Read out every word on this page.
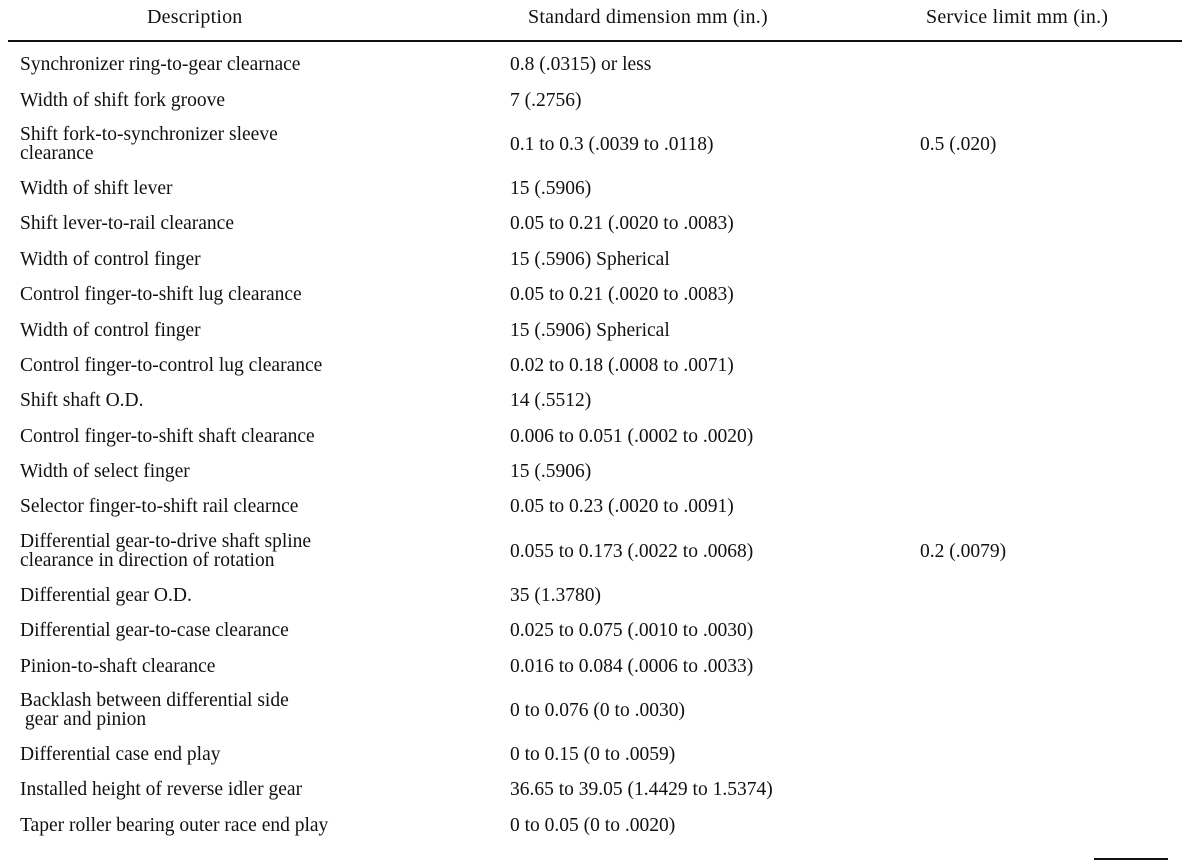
Description	Standard dimension mm (in.)	Service limit mm (in.)
Synchronizer ring-to-gear clearnace	0.8 (.0315) or less	

Width of shift fork groove	7 (.2756)	

Shift fork-to-synchronizer sleeve
clearance	0.1 to 0.3 (.0039 to .0118)	0.5 (.020)

Width of shift lever	15 (.5906)	

Shift lever-to-rail clearance	0.05 to 0.21 (.0020 to .0083)	

Width of control finger	15 (.5906) Spherical	

Control finger-to-shift lug clearance	0.05 to 0.21 (.0020 to .0083)	

Width of control finger	15 (.5906) Spherical	

Control finger-to-control lug clearance	0.02 to 0.18 (.0008 to .0071)	

Shift shaft O.D.	14 (.5512)	

Control finger-to-shift shaft clearance	0.006 to 0.051 (.0002 to .0020)	

Width of select finger	15 (.5906)	

Selector finger-to-shift rail clearnce	0.05 to 0.23 (.0020 to .0091)	

Differential gear-to-drive shaft spline
clearance in direction of rotation	0.055 to 0.173 (.0022 to .0068)	0.2 (.0079)

Differential gear O.D.	35 (1.3780)	

Differential gear-to-case clearance	0.025 to 0.075 (.0010 to .0030)	

Pinion-to-shaft clearance	0.016 to 0.084 (.0006 to .0033)	

Backlash between differential side
gear and pinion	0 to 0.076 (0 to .0030)	

Differential case end play	0 to 0.15 (0 to .0059)	

Installed height of reverse idler gear	36.65 to 39.05 (1.4429 to 1.5374)	

Taper roller bearing outer race end play	0 to 0.05 (0 to .0020)	
